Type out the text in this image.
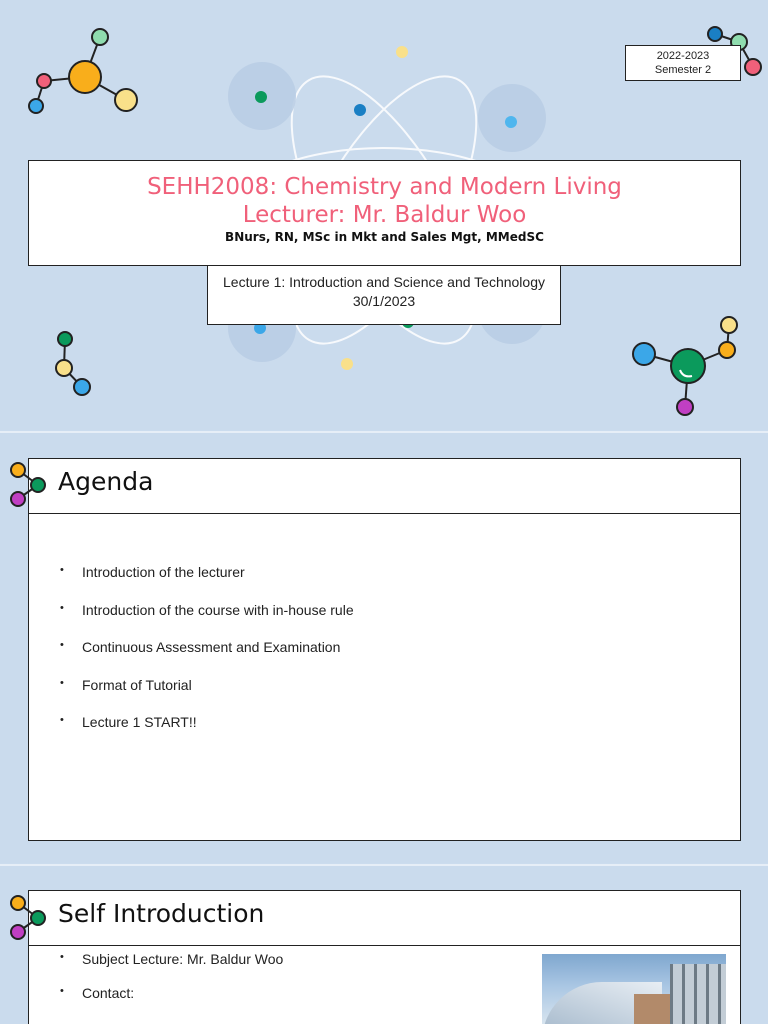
2022-2023
Semester 2
SEHH2008: Chemistry and Modern Living
Lecturer: Mr. Baldur Woo
BNurs, RN, MSc in Mkt and Sales Mgt, MMedSC
Lecture 1: Introduction and Science and Technology
30/1/2023
Agenda
• Introduction of the lecturer
• Introduction of the course with in-house rule
• Continuous Assessment and Examination
• Format of Tutorial
• Lecture 1 START!!
Self Introduction
• Subject Lecture: Mr. Baldur Woo
• Contact:
